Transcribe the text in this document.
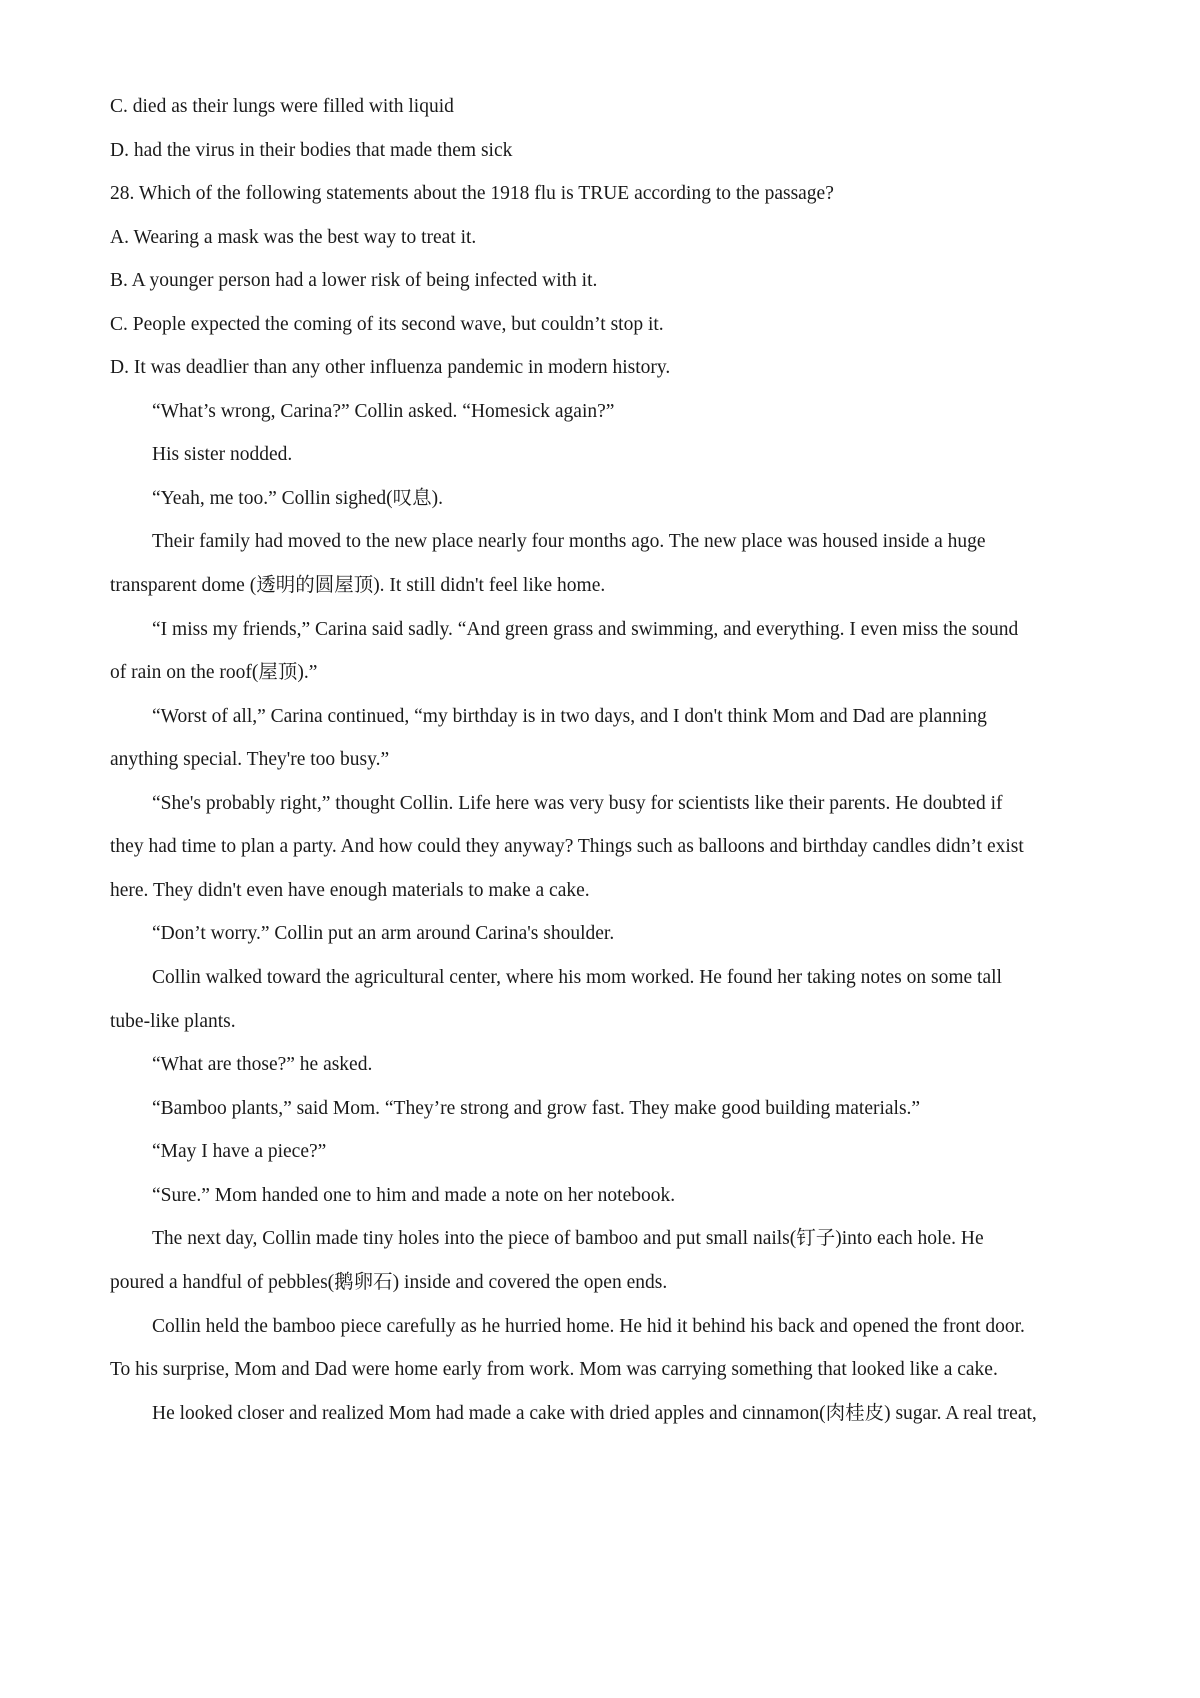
C. died as their lungs were filled with liquid
D. had the virus in their bodies that made them sick
28. Which of the following statements about the 1918 flu is TRUE according to the passage?
A. Wearing a mask was the best way to treat it.
B. A younger person had a lower risk of being infected with it.
C. People expected the coming of its second wave, but couldn’t stop it.
D. It was deadlier than any other influenza pandemic in modern history.
“What’s wrong, Carina?” Collin asked. “Homesick again?”
His sister nodded.
“Yeah, me too.” Collin sighed(叹息).
Their family had moved to the new place nearly four months ago. The new place was housed inside a huge
transparent dome (透明的圆屋顶). It still didn't feel like home.
“I miss my friends,” Carina said sadly. “And green grass and swimming, and everything. I even miss the sound
of rain on the roof(屋顶).”
“Worst of all,” Carina continued, “my birthday is in two days, and I don't think Mom and Dad are planning
anything special. They're too busy.”
“She's probably right,” thought Collin. Life here was very busy for scientists like their parents. He doubted if
they had time to plan a party. And how could they anyway? Things such as balloons and birthday candles didn’t exist
here. They didn't even have enough materials to make a cake.
“Don’t worry.” Collin put an arm around Carina's shoulder.
Collin walked toward the agricultural center, where his mom worked. He found her taking notes on some tall
tube-like plants.
“What are those?” he asked.
“Bamboo plants,” said Mom. “They’re strong and grow fast. They make good building materials.”
“May I have a piece?”
“Sure.” Mom handed one to him and made a note on her notebook.
The next day, Collin made tiny holes into the piece of bamboo and put small nails(钉子)into each hole. He
poured a handful of pebbles(鹅卵石) inside and covered the open ends.
Collin held the bamboo piece carefully as he hurried home. He hid it behind his back and opened the front door.
To his surprise, Mom and Dad were home early from work. Mom was carrying something that looked like a cake.
He looked closer and realized Mom had made a cake with dried apples and cinnamon(肉桂皮) sugar. A real treat,
